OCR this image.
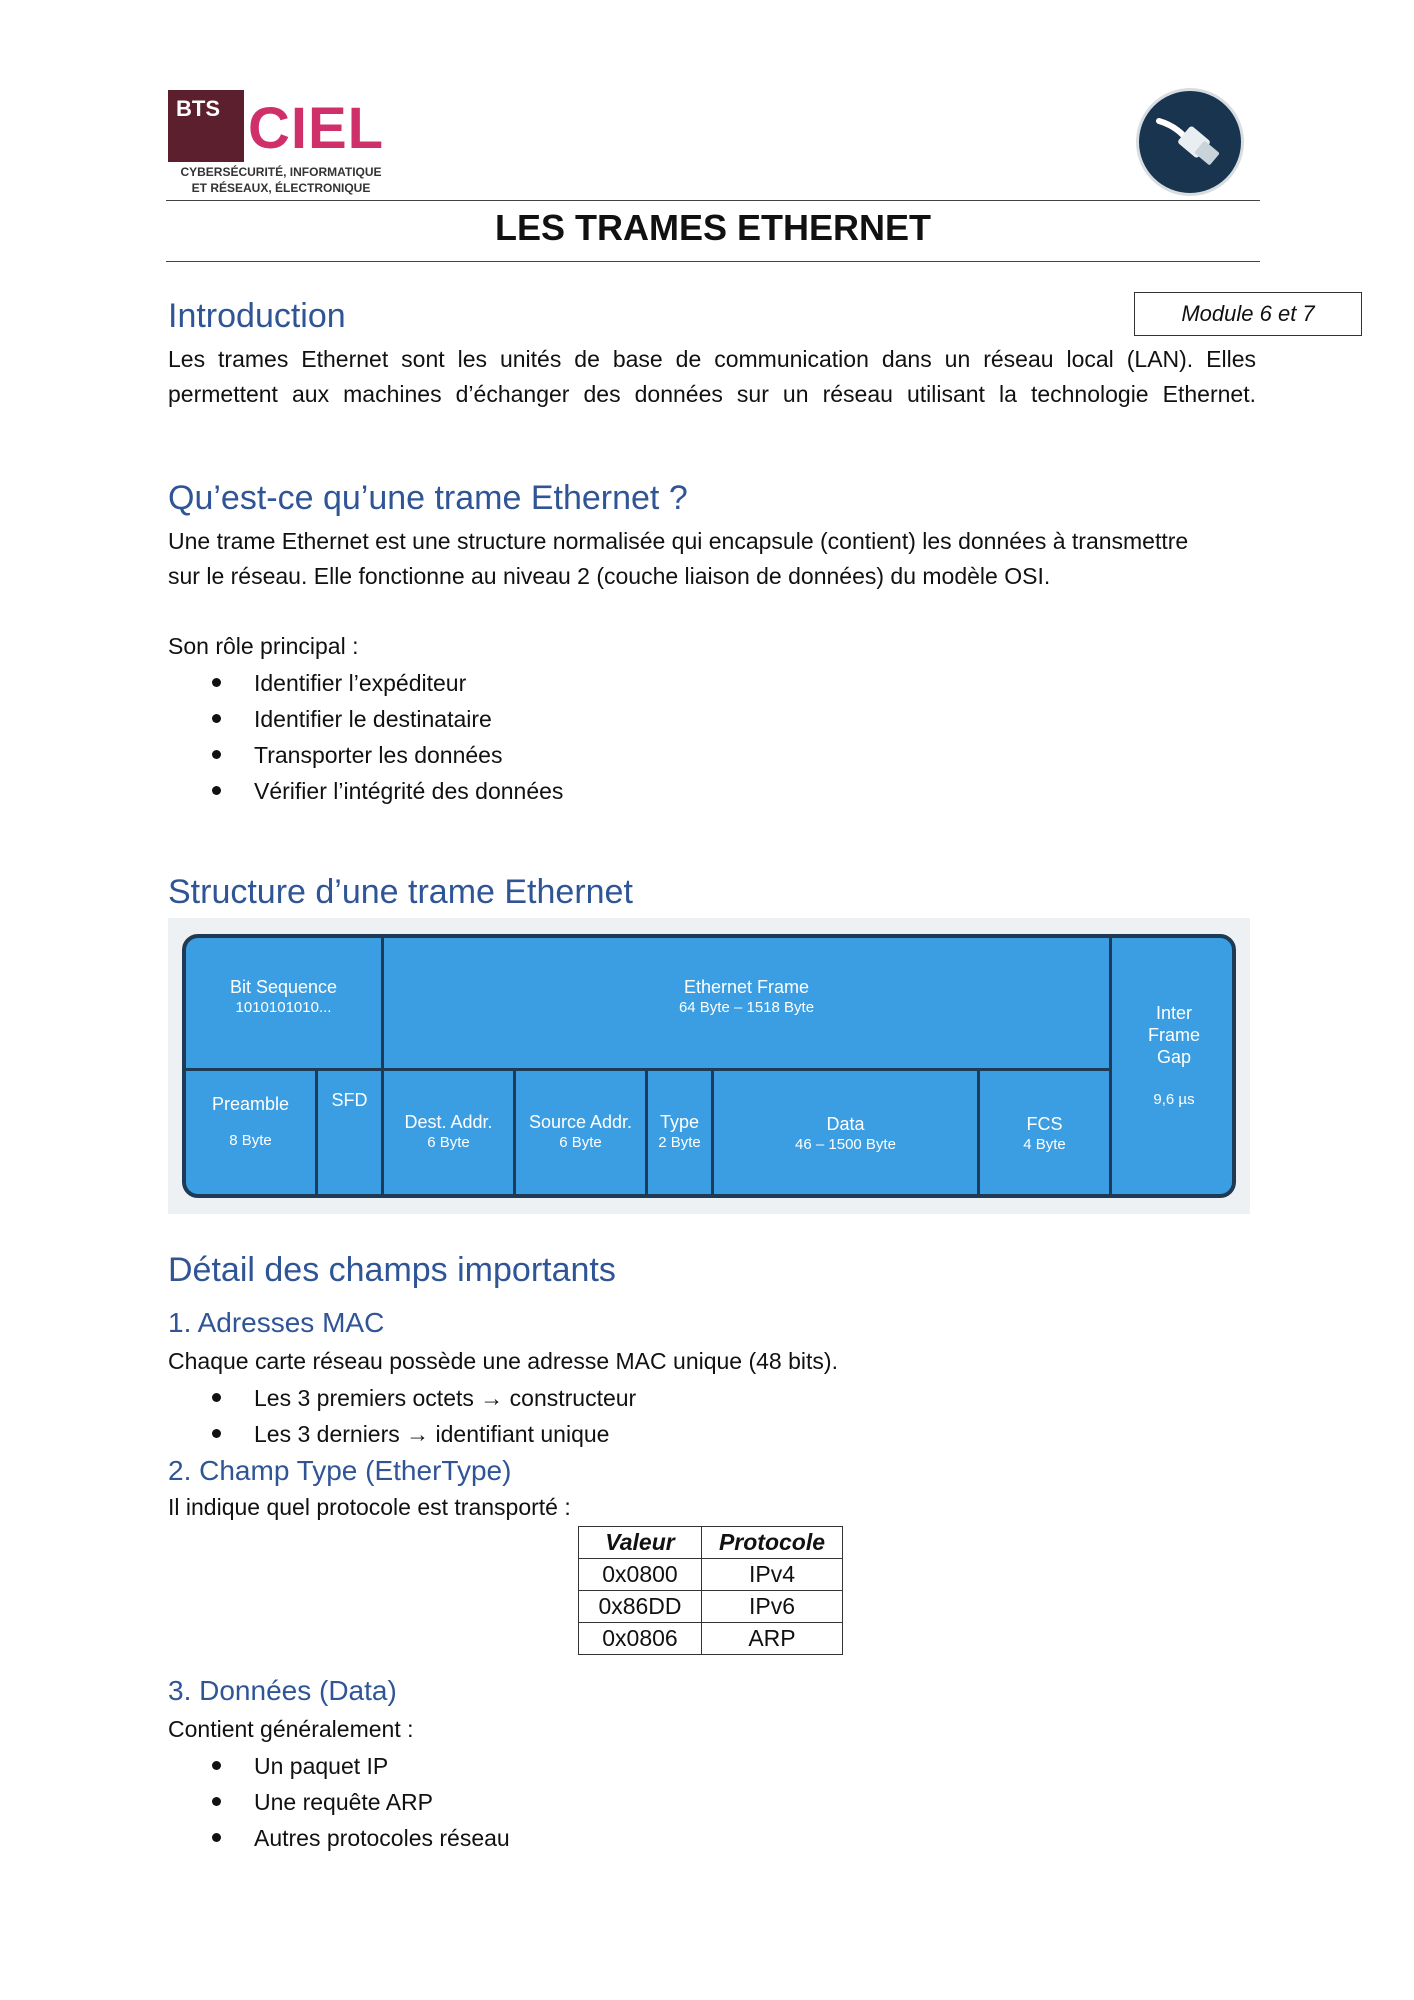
BTS CIEL
CYBERSÉCURITÉ, INFORMATIQUE
ET RÉSEAUX, ÉLECTRONIQUE
LES TRAMES ETHERNET
Module 6 et 7
Introduction

Les trames Ethernet sont les unités de base de communication dans un réseau local (LAN). Elles

permettent aux machines d’échanger des données sur un réseau utilisant la technologie Ethernet.

Qu’est-ce qu’une trame Ethernet ?

Une trame Ethernet est une structure normalisée qui encapsule (contient) les données à transmettre

sur le réseau. Elle fonctionne au niveau 2 (couche liaison de données) du modèle OSI.

Son rôle principal :

Identifier l’expéditeur
Identifier le destinataire
Transporter les données
Vérifier l’intégrité des données
Structure d’une trame Ethernet
Bit Sequence
1010101010...
Ethernet Frame
64 Byte – 1518 Byte	Inter
Frame
Gap
9,6 µs
Preamble
8 Byte
SFD
Dest. Addr.
6 Byte
Source Addr.
6 Byte
Type
2 Byte
Data
46 – 1500 Byte
FCS
4 Byte
Détail des champs importants
1. Adresses MAC

Chaque carte réseau possède une adresse MAC unique (48 bits).

Les 3 premiers octets → constructeur
Les 3 derniers → identifiant unique
2. Champ Type (EtherType)

Il indique quel protocole est transporté :

Valeur	Protocole
0x0800	IPv4
0x86DD	IPv6
0x0806	ARP
3. Données (Data)

Contient généralement :

Un paquet IP
Une requête ARP
Autres protocoles réseau
